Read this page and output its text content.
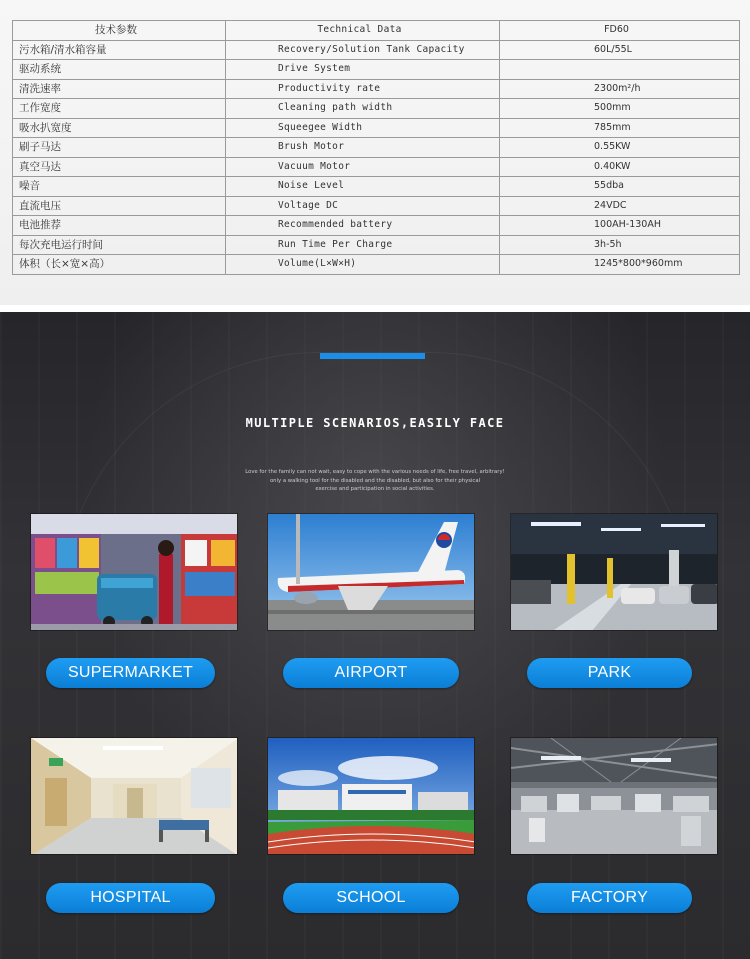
技术参数	Technical Data	FD60
污水箱/清水箱容量	Recovery/Solution Tank Capacity	60L/55L
驱动系统	Drive System	
清洗速率	Productivity rate	2300m²/h
工作宽度	Cleaning path width	500mm
吸水扒宽度	Squeegee Width	785mm
刷子马达	Brush Motor	0.55KW
真空马达	Vacuum Motor	0.40KW
噪音	Noise Level	55dba
直流电压	Voltage DC	24VDC
电池推荐	Recommended battery	100AH-130AH
每次充电运行时间	Run Time Per Charge	3h-5h
体积（长×宽×高）	Volume(L×W×H)	1245*800*960mm
MULTIPLE SCENARIOS,EASILY FACE
Love for the family can not wait, easy to cope with the various needs of life, free travel, arbitrary!
only a walking tool for the disabled and the disabled, but also for their physical
exercise and participation in social activities.
SUPERMARKET	AIRPORT	PARK
HOSPITAL	SCHOOL	FACTORY
